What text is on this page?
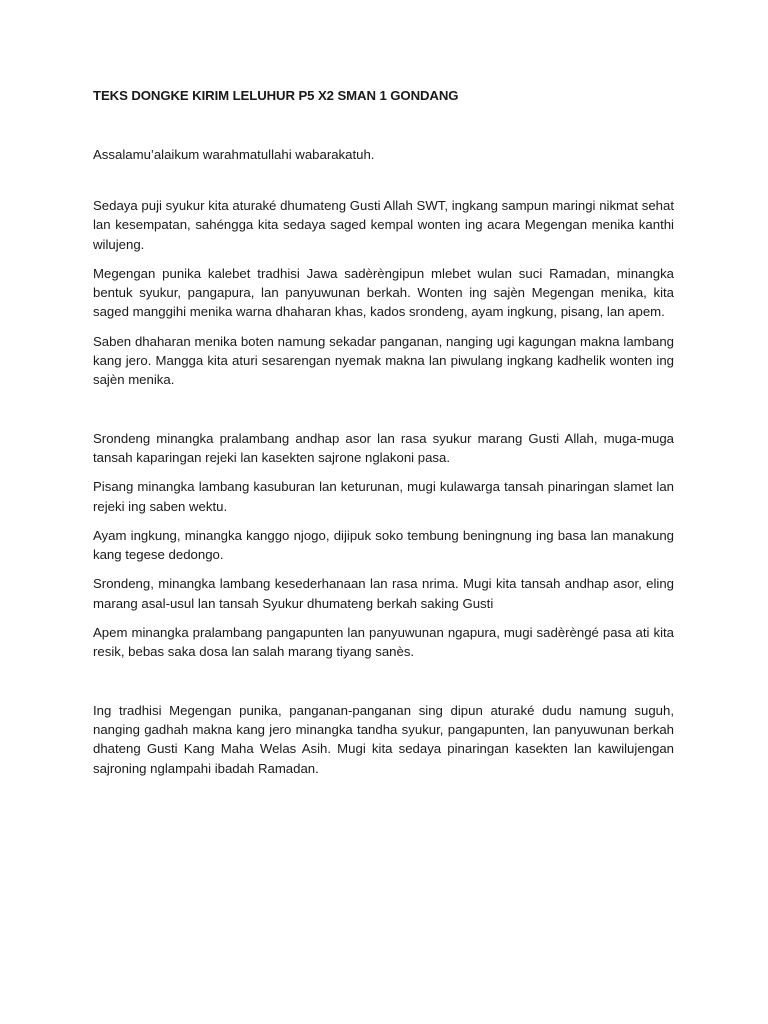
TEKS DONGKE KIRIM LELUHUR P5 X2 SMAN 1 GONDANG

Assalamu’alaikum warahmatullahi wabarakatuh.

Sedaya puji syukur kita aturaké dhumateng Gusti Allah SWT, ingkang sampun maringi nikmat sehat lan kesempatan, sahéngga kita sedaya saged kempal wonten ing acara Megengan menika kanthi wilujeng.

Megengan punika kalebet tradhisi Jawa sadèrèngipun mlebet wulan suci Ramadan, minangka bentuk syukur, pangapura, lan panyuwunan berkah. Wonten ing sajèn Megengan menika, kita saged manggihi menika warna dhaharan khas, kados srondeng, ayam ingkung, pisang, lan apem.

Saben dhaharan menika boten namung sekadar panganan, nanging ugi kagungan makna lambang kang jero. Mangga kita aturi sesarengan nyemak makna lan piwulang ingkang kadhelik wonten ing sajèn menika.

Srondeng minangka pralambang andhap asor lan rasa syukur marang Gusti Allah, muga-muga tansah kaparingan rejeki lan kasekten sajrone nglakoni pasa.

Pisang minangka lambang kasuburan lan keturunan, mugi kulawarga tansah pinaringan slamet lan rejeki ing saben wektu.

Ayam ingkung, minangka kanggo njogo, dijipuk soko tembung beningnung ing basa lan manakung kang tegese dedongo.

Srondeng, minangka lambang kesederhanaan lan rasa nrima. Mugi kita tansah andhap asor, eling marang asal-usul lan tansah Syukur dhumateng berkah saking Gusti

Apem minangka pralambang pangapunten lan panyuwunan ngapura, mugi sadèrèngé pasa ati kita resik, bebas saka dosa lan salah marang tiyang sanès.

Ing tradhisi Megengan punika, panganan-panganan sing dipun aturaké dudu namung suguh, nanging gadhah makna kang jero minangka tandha syukur, pangapunten, lan panyuwunan berkah dhateng Gusti Kang Maha Welas Asih. Mugi kita sedaya pinaringan kasekten lan kawilujengan sajroning nglampahi ibadah Ramadan.
